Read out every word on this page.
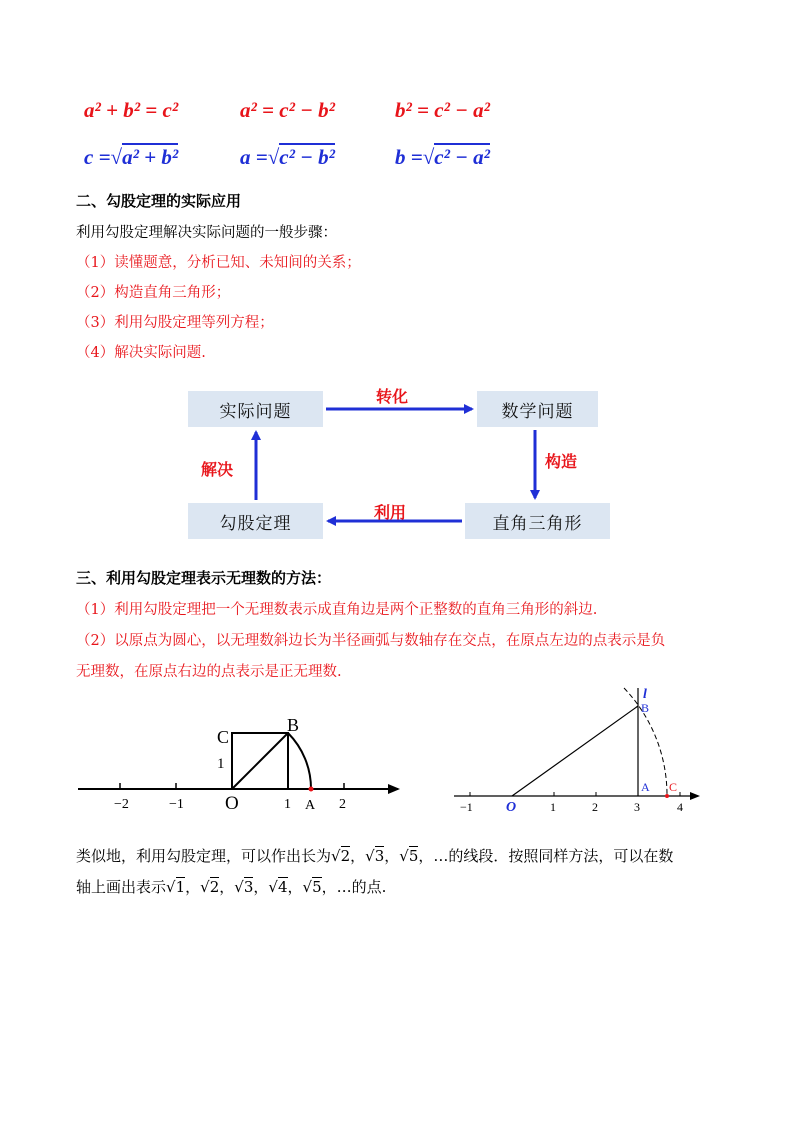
a² + b² = c²	a² = c² − b²	b² = c² − a²
c =√a² + b²	a =√c² − b²	b =√c² − a²
二、勾股定理的实际应用
利用勾股定理解决实际问题的一般步骤：
（1）读懂题意，分析已知、未知间的关系；
（2）构造直角三角形；
（3）利用勾股定理等列方程；
（4）解决实际问题.
实际问题	数学问题
勾股定理	直角三角形
转化
构造
利用
解决
三、利用勾股定理表示无理数的方法：
（1）利用勾股定理把一个无理数表示成直角边是两个正整数的直角三角形的斜边.
（2）以原点为圆心，以无理数斜边长为半径画弧与数轴存在交点，在原点左边的点表示是负
无理数，在原点右边的点表示是正无理数.
−2	−1 O	1 A 2
C
B
1
−1 O	1	2	3	4
l
B
A C
类似地，利用勾股定理，可以作出长为√2，√3，√5，…的线段．按照同样方法，可以在数
轴上画出表示√1，√2，√3，√4，√5，…的点.
